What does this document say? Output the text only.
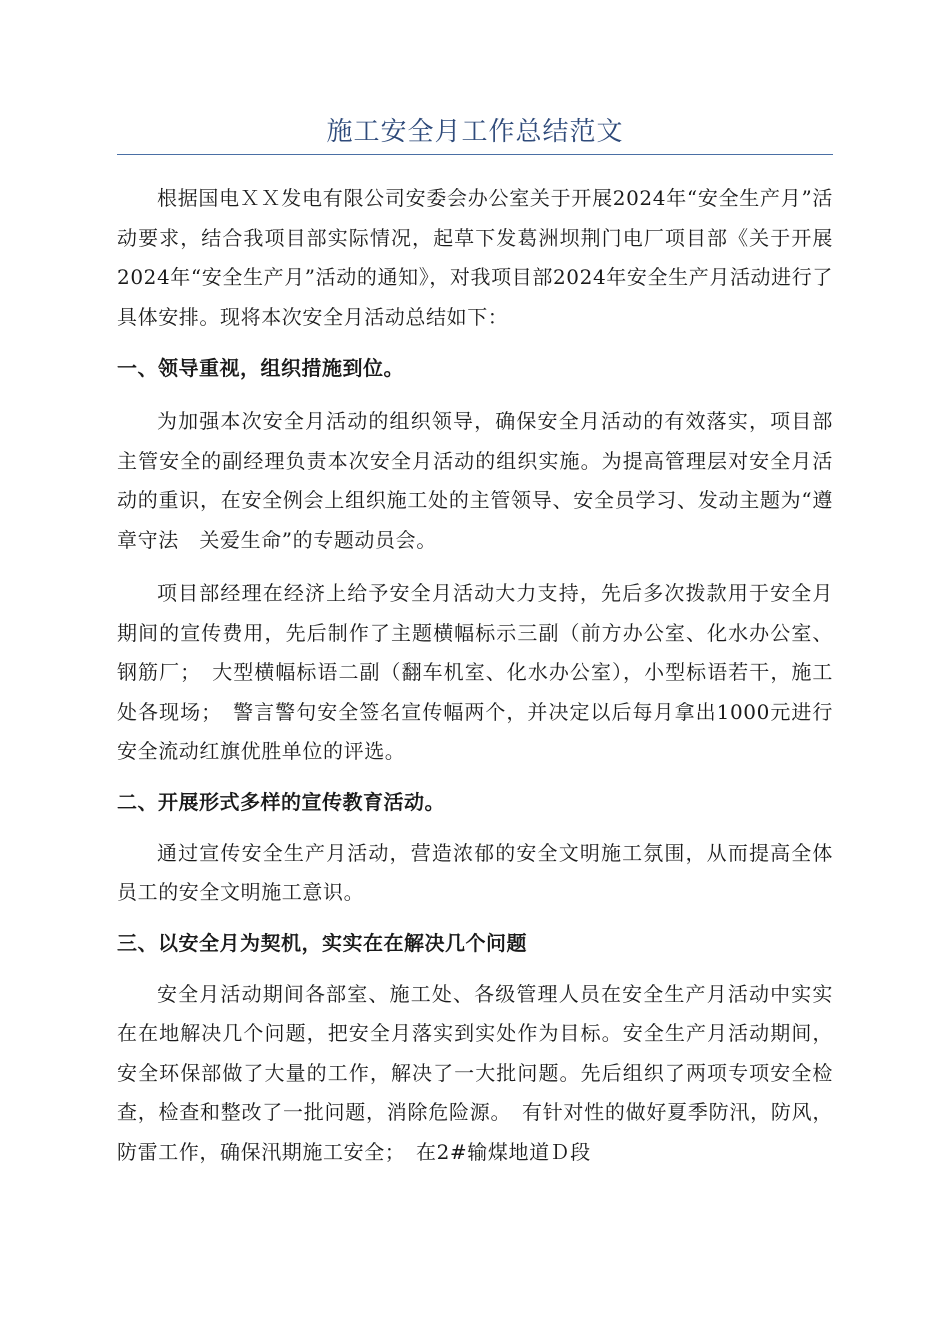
施工安全月工作总结范文

根据国电ＸＸ发电有限公司安委会办公室关于开展2024年“安全生产月”活动要求，结合我项目部实际情况，起草下发葛洲坝荆门电厂项目部《关于开展2024年“安全生产月”活动的通知》，对我项目部2024年安全生产月活动进行了具体安排。现将本次安全月活动总结如下：

一、领导重视，组织措施到位。

为加强本次安全月活动的组织领导，确保安全月活动的有效落实，项目部主管安全的副经理负责本次安全月活动的组织实施。为提高管理层对安全月活动的重识，在安全例会上组织施工处的主管领导、安全员学习、发动主题为“遵章守法　关爱生命”的专题动员会。

项目部经理在经济上给予安全月活动大力支持，先后多次拨款用于安全月期间的宣传费用，先后制作了主题横幅标示三副（前方办公室、化水办公室、钢筋厂；　大型横幅标语二副（翻车机室、化水办公室），小型标语若干，施工处各现场；　警言警句安全签名宣传幅两个，并决定以后每月拿出1000元进行安全流动红旗优胜单位的评选。

二、开展形式多样的宣传教育活动。

通过宣传安全生产月活动，营造浓郁的安全文明施工氛围，从而提高全体员工的安全文明施工意识。

三、以安全月为契机，实实在在解决几个问题

安全月活动期间各部室、施工处、各级管理人员在安全生产月活动中实实在在地解决几个问题，把安全月落实到实处作为目标。安全生产月活动期间，安全环保部做了大量的工作，解决了一大批问题。先后组织了两项专项安全检查，检查和整改了一批问题，消除危险源。　有针对性的做好夏季防汛，防风，防雷工作，确保汛期施工安全；　在2#输煤地道Ｄ段
